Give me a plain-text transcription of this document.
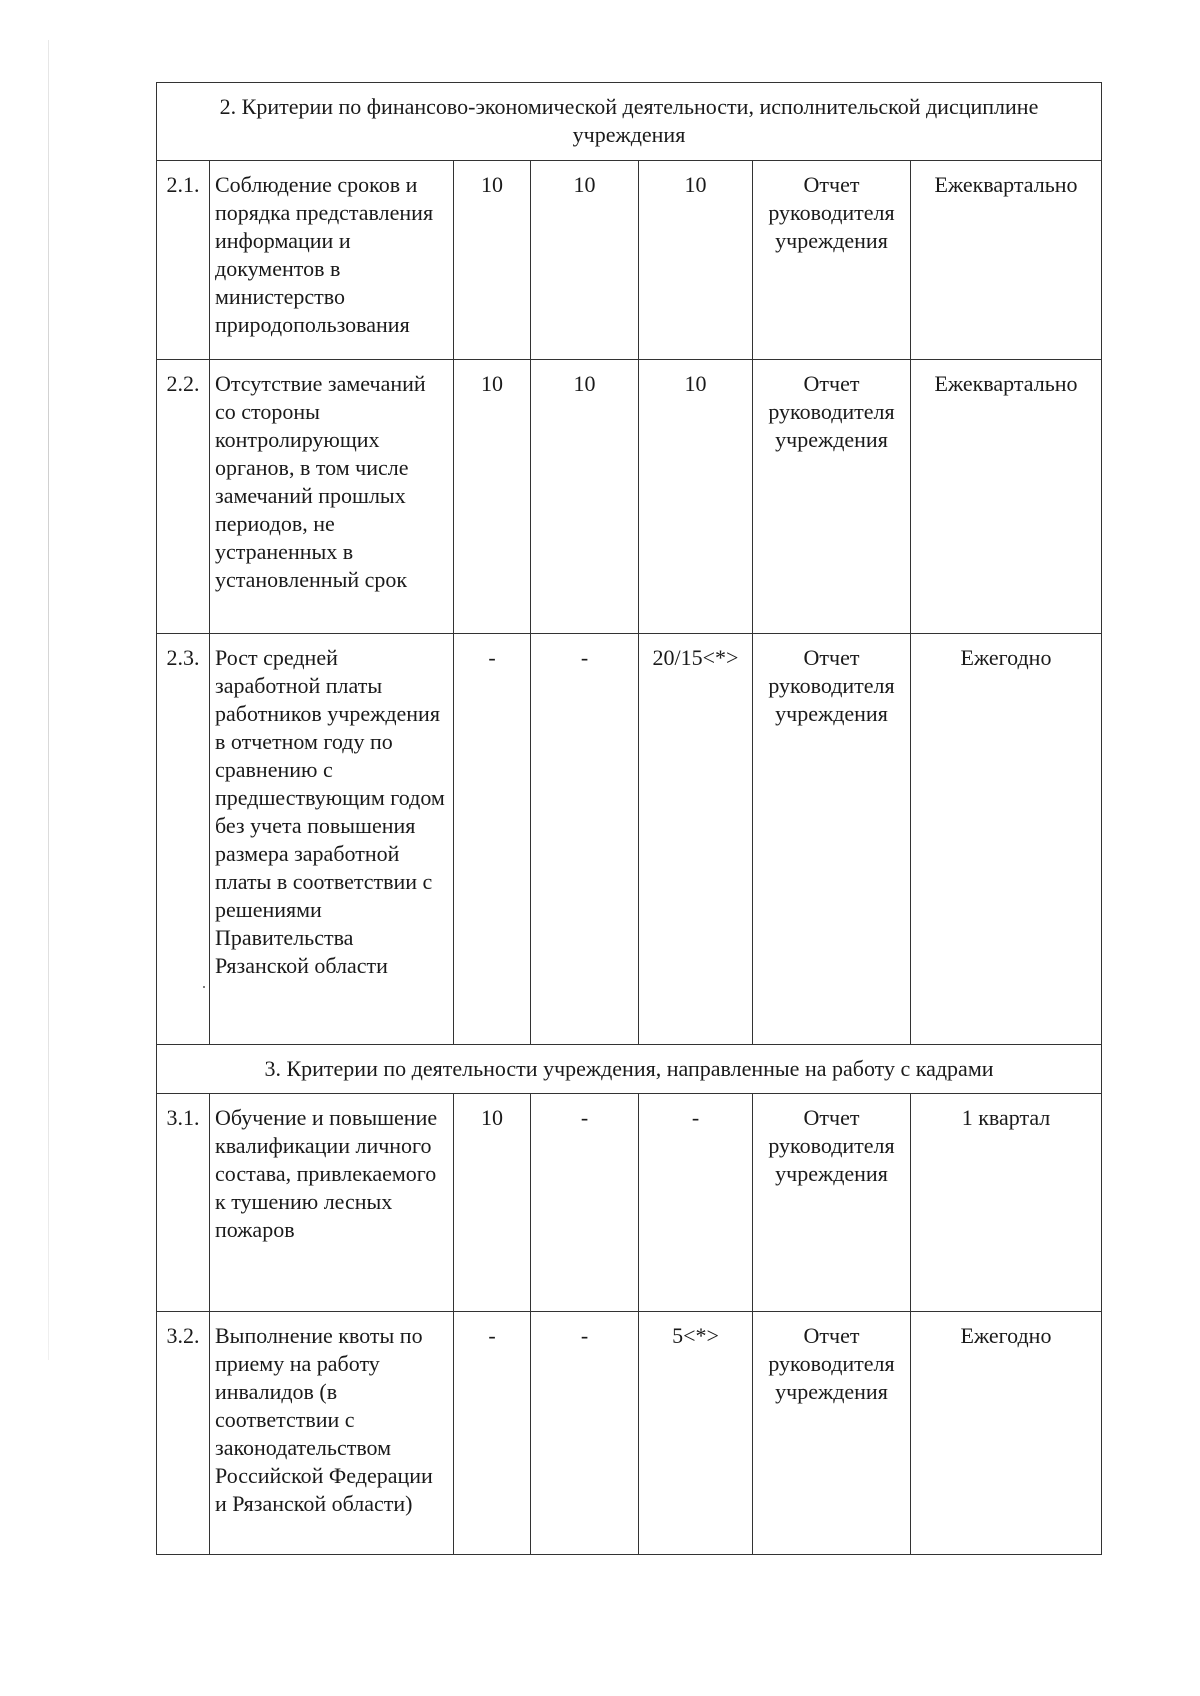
2. Критерии по финансово-экономической деятельности, исполнительской дисциплине учреждения						
2.1.	Соблюдение сроков и порядка представления информации и документов в министерство природопользования	10	10	10	Отчет руководителя учреждения	Ежеквартально
2.2.	Отсутствие замечаний со стороны контролирующих органов, в том числе замечаний прошлых периодов, не устраненных в установленный срок	10	10	10	Отчет руководителя учреждения	Ежеквартально
2.3.	Рост средней заработной платы работников учреждения в отчетном году по сравнению с предшествующим годом без учета повышения размера заработной платы в соответствии с решениями Правительства Рязанской области	-	-	20/15<*>	Отчет руководителя учреждения	Ежегодно
3. Критерии по деятельности учреждения, направленные на работу с кадрами						
3.1.	Обучение и повышение квалификации личного состава, привлекаемого к тушению лесных пожаров	10	-	-	Отчет руководителя учреждения	1 квартал
3.2.	Выполнение квоты по приему на работу инвалидов (в соответствии с законодательством Российской Федерации и Рязанской области)	-	-	5<*>	Отчет руководителя учреждения	Ежегодно
